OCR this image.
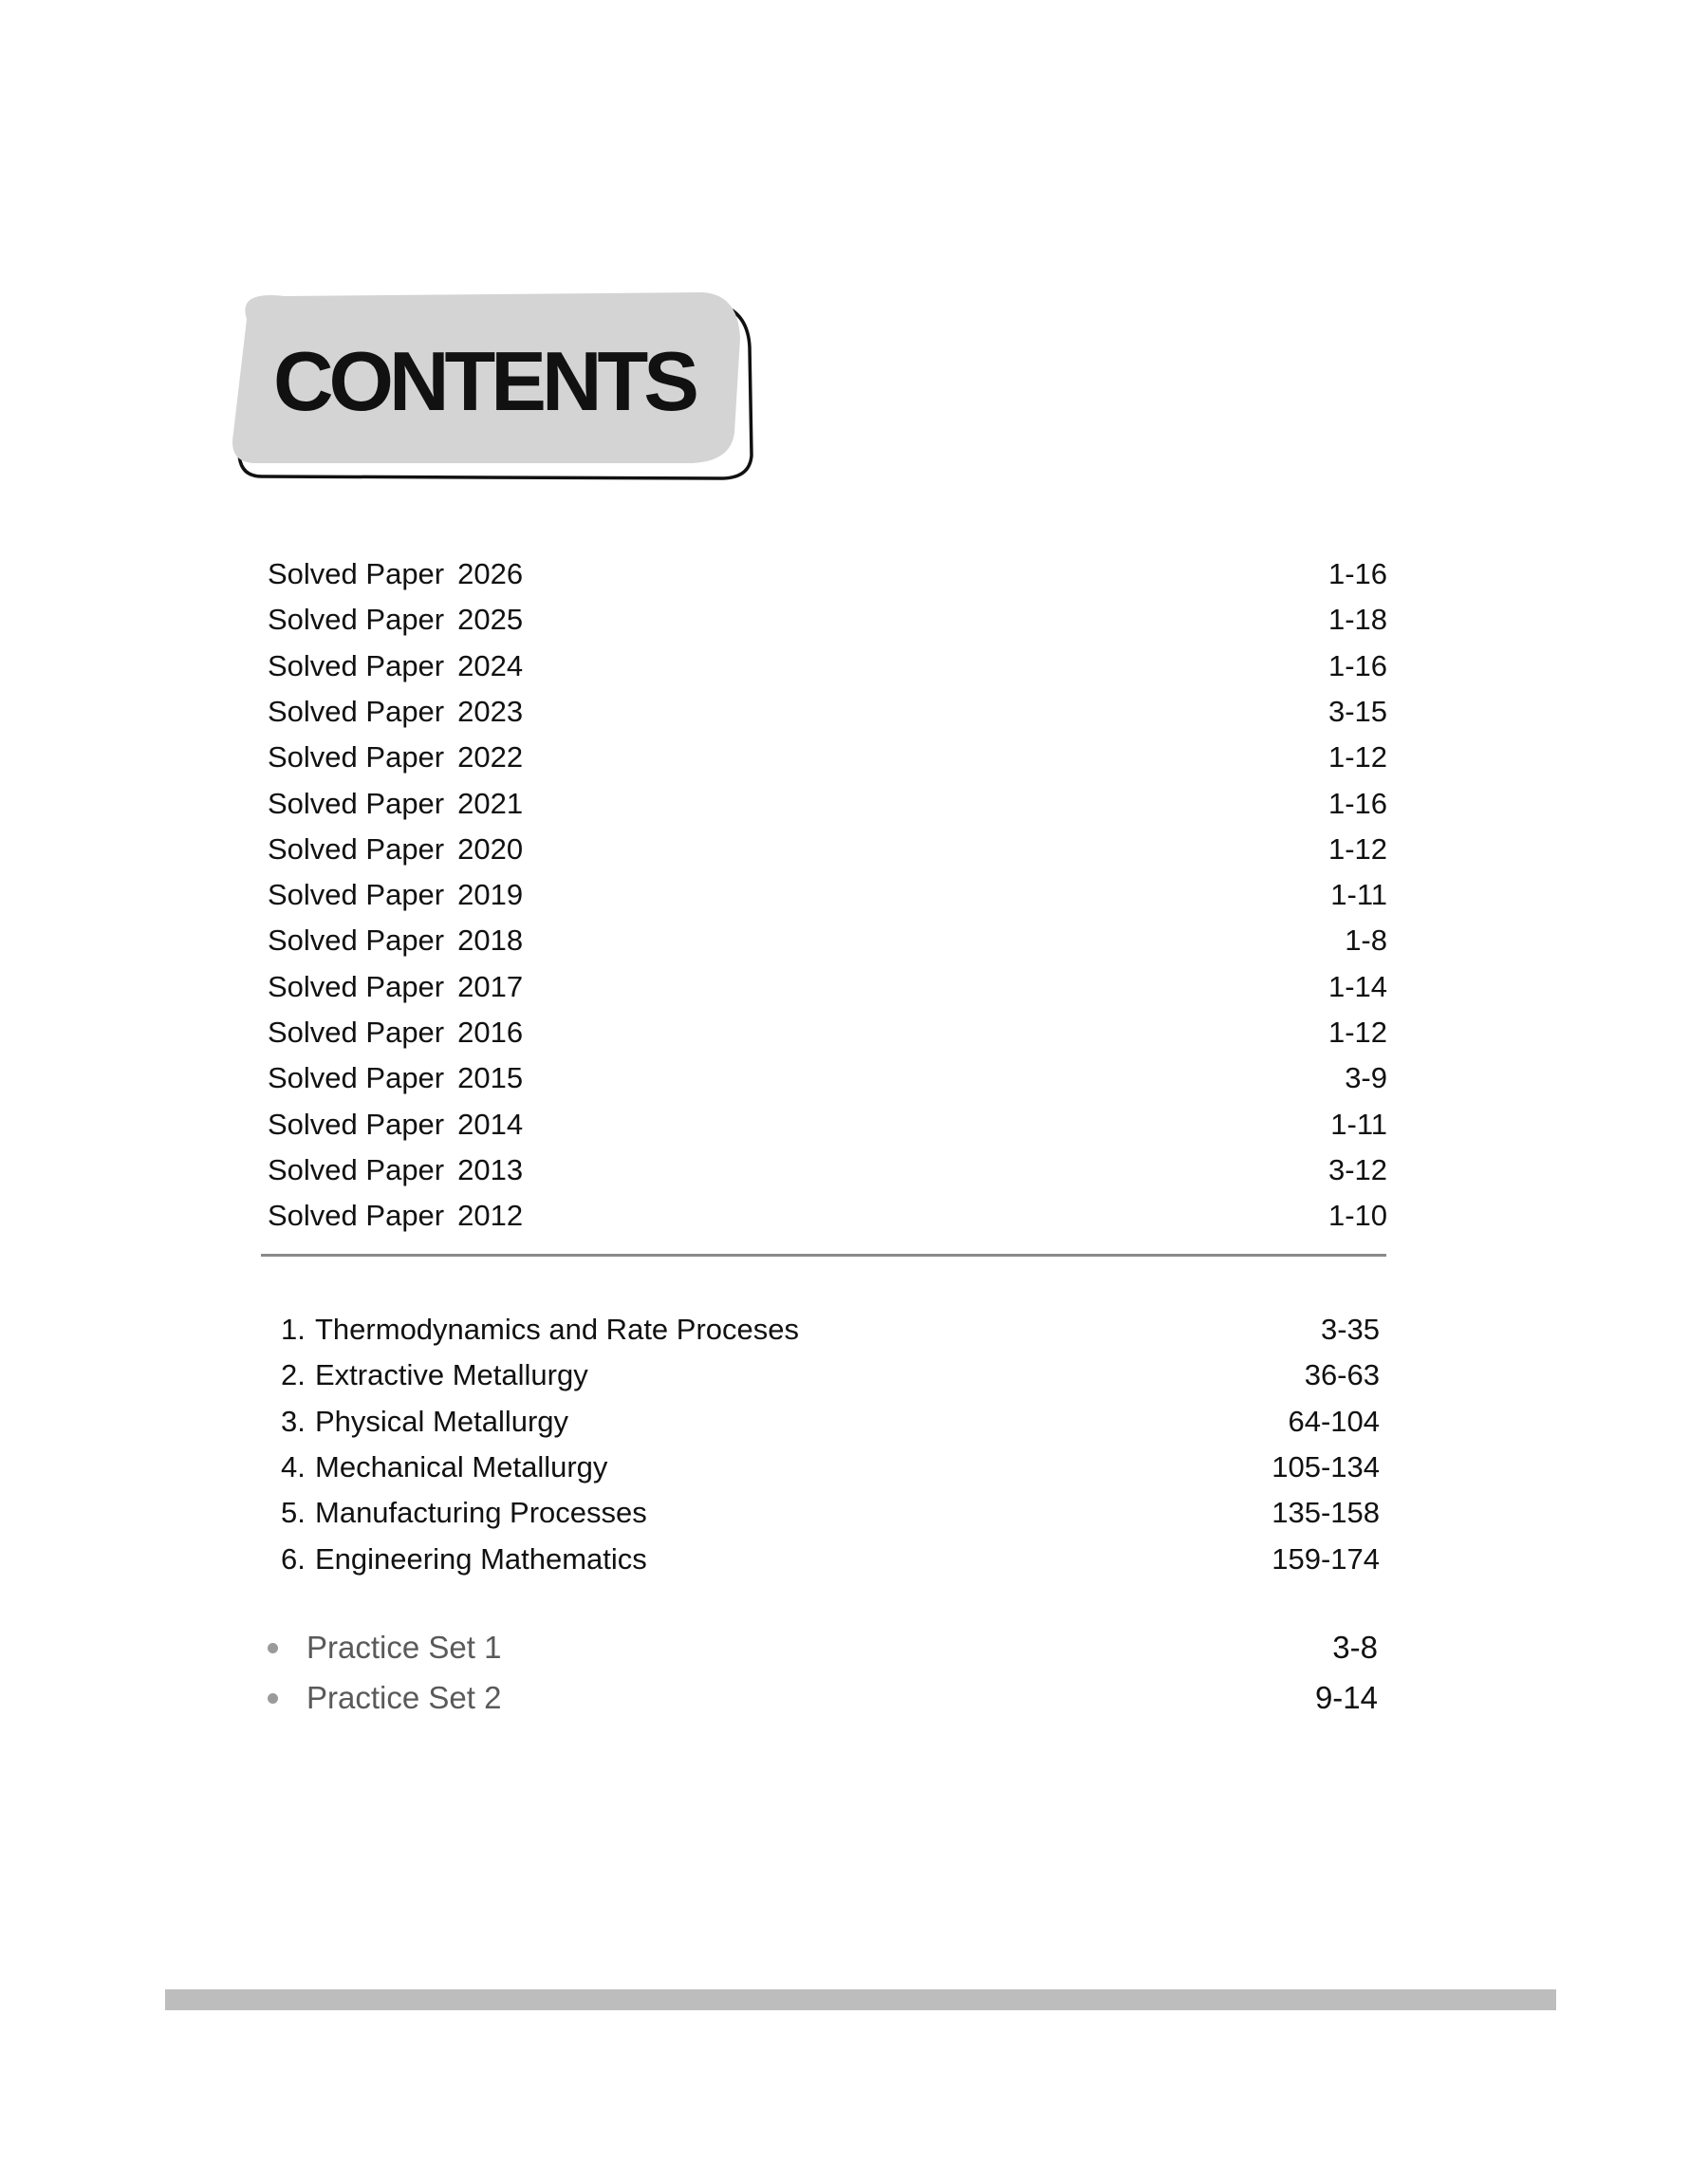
CONTENTS
Solved Paper 2026	1-16
Solved Paper 2025	1-18
Solved Paper 2024	1-16
Solved Paper 2023	3-15
Solved Paper 2022	1-12
Solved Paper 2021	1-16
Solved Paper 2020	1-12
Solved Paper 2019	1-11
Solved Paper 2018	1-8
Solved Paper 2017	1-14
Solved Paper 2016	1-12
Solved Paper 2015	3-9
Solved Paper 2014	1-11
Solved Paper 2013	3-12
Solved Paper 2012	1-10
1. Thermodynamics and Rate Proceses	3-35
2. Extractive Metallurgy	36-63
3. Physical Metallurgy	64-104
4. Mechanical Metallurgy	105-134
5. Manufacturing Processes	135-158
6. Engineering Mathematics	159-174
Practice Set 1	3-8
Practice Set 2	9-14
